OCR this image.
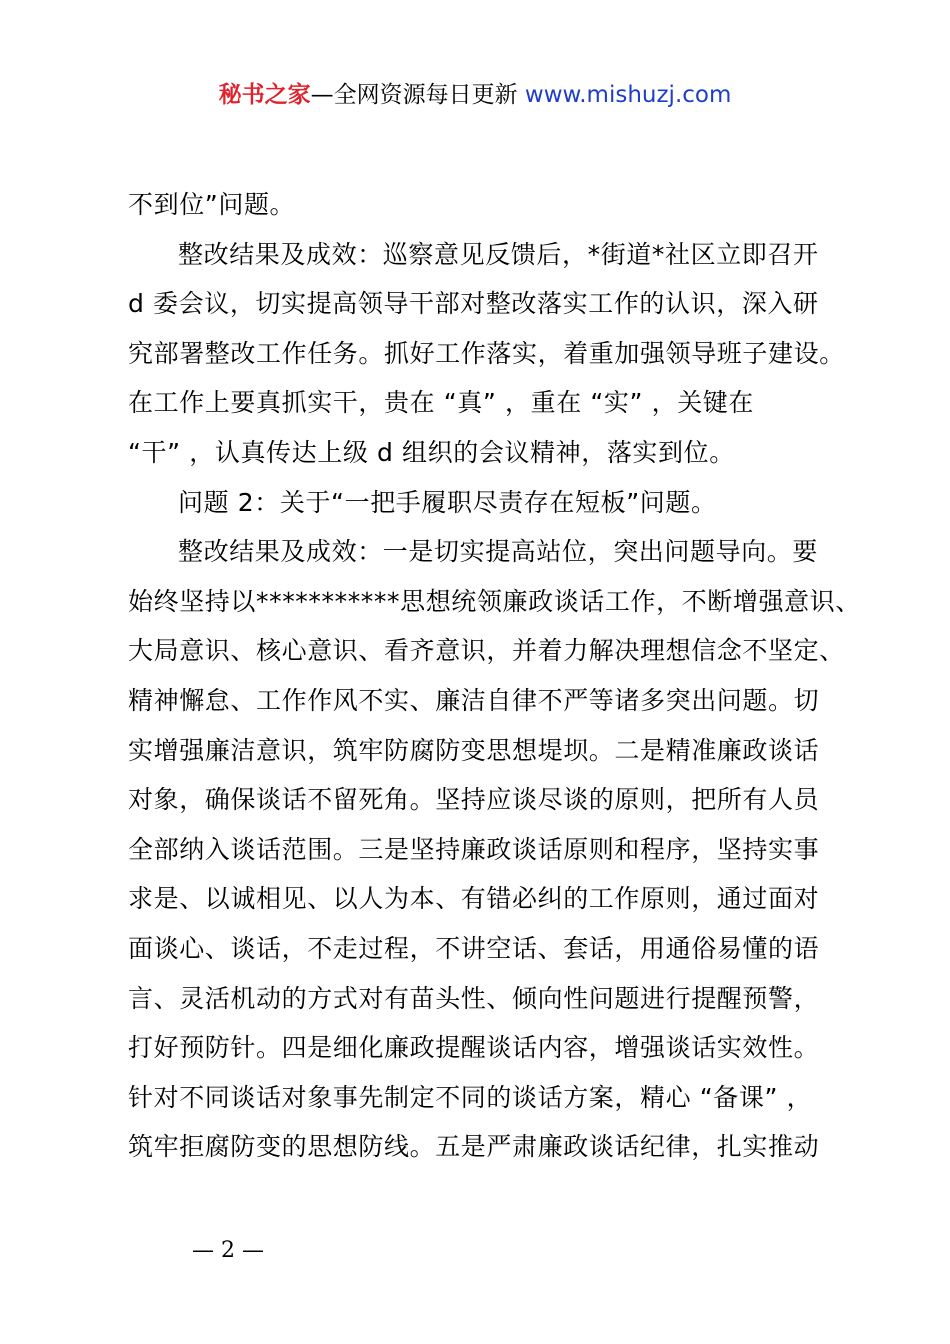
秘书之家—全网资源每日更新 www.mishuzj.com
不到位”问题。
整改结果及成效：巡察意见反馈后，*街道*社区立即召开
d 委会议，切实提高领导干部对整改落实工作的认识，深入研
究部署整改工作任务。抓好工作落实，着重加强领导班子建设。
在工作上要真抓实干，贵在 “真” ，重在 “实” ，关键在
“干” ，认真传达上级 d 组织的会议精神，落实到位。
问题 2：关于“一把手履职尽责存在短板”问题。
整改结果及成效：一是切实提高站位，突出问题导向。要
始终坚持以***********思想统领廉政谈话工作，不断增强意识、
大局意识、核心意识、看齐意识，并着力解决理想信念不坚定、
精神懈怠、工作作风不实、廉洁自律不严等诸多突出问题。切
实增强廉洁意识，筑牢防腐防变思想堤坝。二是精准廉政谈话
对象，确保谈话不留死角。坚持应谈尽谈的原则，把所有人员
全部纳入谈话范围。三是坚持廉政谈话原则和程序，坚持实事
求是、以诚相见、以人为本、有错必纠的工作原则，通过面对
面谈心、谈话，不走过程，不讲空话、套话，用通俗易懂的语
言、灵活机动的方式对有苗头性、倾向性问题进行提醒预警，
打好预防针。四是细化廉政提醒谈话内容，增强谈话实效性。
针对不同谈话对象事先制定不同的谈话方案，精心 “备课” ，
筑牢拒腐防变的思想防线。五是严肃廉政谈话纪律，扎实推动
— 2 —
